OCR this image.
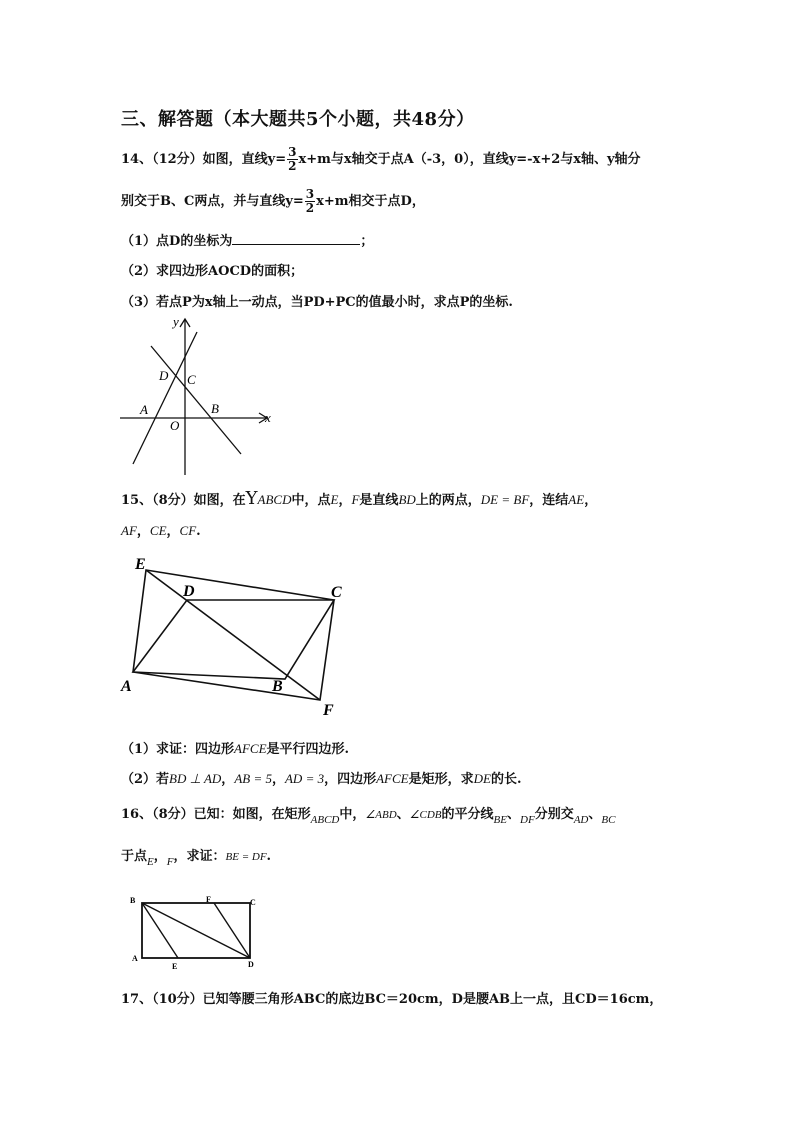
三、解答题（本大题共5个小题，共48分）
14、（12分）如图，直线$y= \frac{3}{2} x+m$与x轴交于点A（-3，0），直线y=-x+2与x轴、y轴分
别交于B、C两点，并与直线$y= \frac{3}{2} x+m$相交于点D，
（1）点D的坐标为	；
（2）求四边形AOCD的面积；
（3）若点P为x轴上一动点，当PD+PC的值最小时，求点P的坐标.
y
x
D C
A	B
O
15、（8分）如图，在YABCD中，点E，F是直线BD上的两点，DE = BF，连结AE，
AF，CE，CF.
E
D	C
A	B
F
（1）求证：四边形AFCE是平行四边形.
（2）若BD ⊥ AD，AB = 5，AD = 3，四边形AFCE是矩形，求DE的长.
16、（8分）已知：如图，在矩形$_{ABCD}$中，∠ABD、∠CDB的平分线$_{BE}$、$_{DF}$分别交$_{AD}$、$_{BC}$
于点$_E$，$_F$，求证：BE = DF.
B	F	C
A
E	D
17、（10分）已知等腰三角形ABC的底边BC＝20cm，D是腰AB上一点，且CD＝16cm，
